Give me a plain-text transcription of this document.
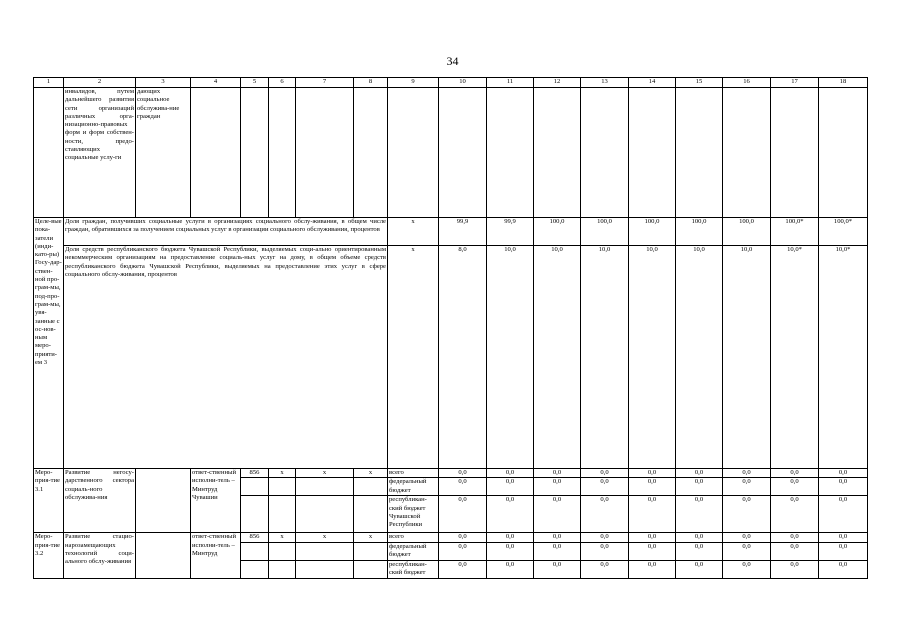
34
1	2	3	4	5	6	7	8	9	10	11	12	13	14	15	16	17	18
	инвалидов, путем дальнейшего развития сети организаций различных орга-низационно-правовых форм и форм собствен-ности, предо-ставляющих социальные услу-ги	дающих социальное обслужива-ние граждан															
Целе-вые пока-затели (инди-като-ры) Госу-дар-ствен-ной про-грам-мы, под-про-грам-мы, увя-занные с ос-нов-ным меро-прияти-ем 3	Доля граждан, получивших социальные услуги в организациях социального обслу-живания, в общем числе граждан, обратившихся за получением социальных услуг в организации социального обслуживания, процентов							х	99,9	99,9	100,0	100,0	100,0	100,0	100,0	100,0*	100,0*
	Доля средств республиканского бюджета Чувашской Республики, выделяемых соци-ально ориентированным некоммерческим организациям на предоставление социаль-ных услуг на дому, в общем объеме средств республиканского бюджета Чувашской Республики, выделяемых на предоставление этих услуг в сфере социального обслу-живания, процентов							х	8,0	10,0	10,0	10,0	10,0	10,0	10,0	10,0*	10,0*
Меро-прия-тие 3.1	Развитие негосу-дарственного сектора социаль-ного обслужива-ния		ответ-ственный исполни-тель – Минтруд Чувашии	856	х	х	х	всего	0,0	0,0	0,0	0,0	0,0	0,0	0,0	0,0	0,0
								федеральный бюджет	0,0	0,0	0,0	0,0	0,0	0,0	0,0	0,0	0,0
								республикан-ский бюджет Чувашской Республики	0,0	0,0	0,0	0,0	0,0	0,0	0,0	0,0	0,0
Меро-прия-тие 3.2	Развитие стацио-нарозамещающих технологий соци-ального обслу-живания		ответ-ственный исполни-тель – Минтруд	856	х	х	х	всего	0,0	0,0	0,0	0,0	0,0	0,0	0,0	0,0	0,0
								федеральный бюджет	0,0	0,0	0,0	0,0	0,0	0,0	0,0	0,0	0,0
								республикан-ский бюджет	0,0	0,0	0,0	0,0	0,0	0,0	0,0	0,0	0,0
